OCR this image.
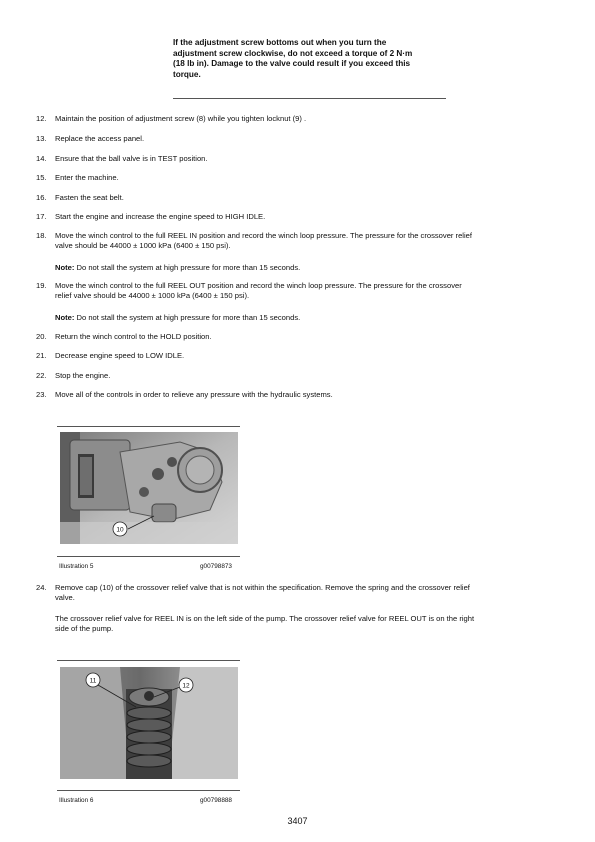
If the adjustment screw bottoms out when you turn the
adjustment screw clockwise, do not exceed a torque of 2 N·m
(18 lb in). Damage to the valve could result if you exceed this
torque.
12.	Maintain the position of adjustment screw (8) while you tighten locknut (9) .
13.	Replace the access panel.
14.	Ensure that the ball valve is in TEST position.
15.	Enter the machine.
16.	Fasten the seat belt.
17.	Start the engine and increase the engine speed to HIGH IDLE.
18.	Move the winch control to the full REEL IN position and record the winch loop pressure. The pressure for the crossover relief
valve should be 44000 ± 1000 kPa (6400 ± 150 psi).
Note: Do not stall the system at high pressure for more than 15 seconds.
19.	Move the winch control to the full REEL OUT position and record the winch loop pressure. The pressure for the crossover
relief valve should be 44000 ± 1000 kPa (6400 ± 150 psi).
Note: Do not stall the system at high pressure for more than 15 seconds.
20.	Return the winch control to the HOLD position.
21.	Decrease engine speed to LOW IDLE.
22.	Stop the engine.
23.	Move all of the controls in order to relieve any pressure with the hydraulic systems.
24.	Remove cap (10) of the crossover relief valve that is not within the specification. Remove the spring and the crossover relief
valve.
The crossover relief valve for REEL IN is on the left side of the pump. The crossover relief valve for REEL OUT is on the right
side of the pump.
10
Illustration 5	g00798873
11
12
Illustration 6	g00798888
3407
